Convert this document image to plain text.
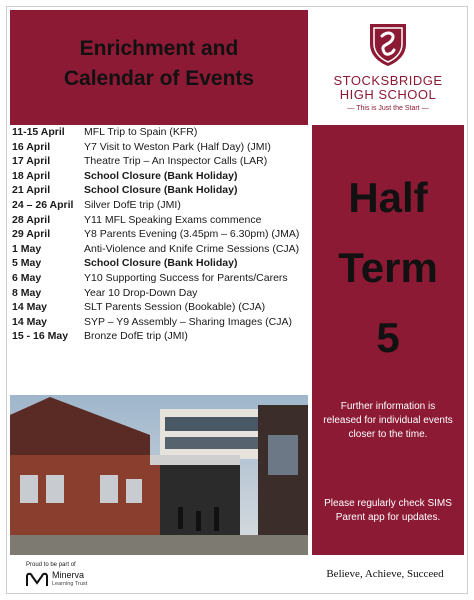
Enrichment and
Calendar of Events	STOCKSBRIDGE
HIGH SCHOOL
— This is Just the Start —
11-15 April MFL Trip to Spain (KFR)
16 April	Y7 Visit to Weston Park (Half Day) (JMI)
17 April	Theatre Trip – An Inspector Calls (LAR)
18 April	School Closure (Bank Holiday)
21 April	School Closure (Bank Holiday)
24 – 26 April Silver DofE trip (JMI)
28 April	Y11 MFL Speaking Exams commence
29 April	Y8 Parents Evening (3.45pm – 6.30pm) (JMA)
1 May	Anti-Violence and Knife Crime Sessions (CJA)
5 May	School Closure (Bank Holiday)
6 May	Y10 Supporting Success for Parents/Carers
8 May	Year 10 Drop-Down Day
14 May	SLT Parents Session (Bookable) (CJA)
14 May	SYP – Y9 Assembly – Sharing Images (CJA)
15 - 16 May Bronze DofE trip (JMI)
Half
Term
5
Further information is released for individual events closer to the time.
Please regularly check SIMS Parent app for updates.
Proud to be part of
Minerva
Learning Trust
Believe, Achieve, Succeed
